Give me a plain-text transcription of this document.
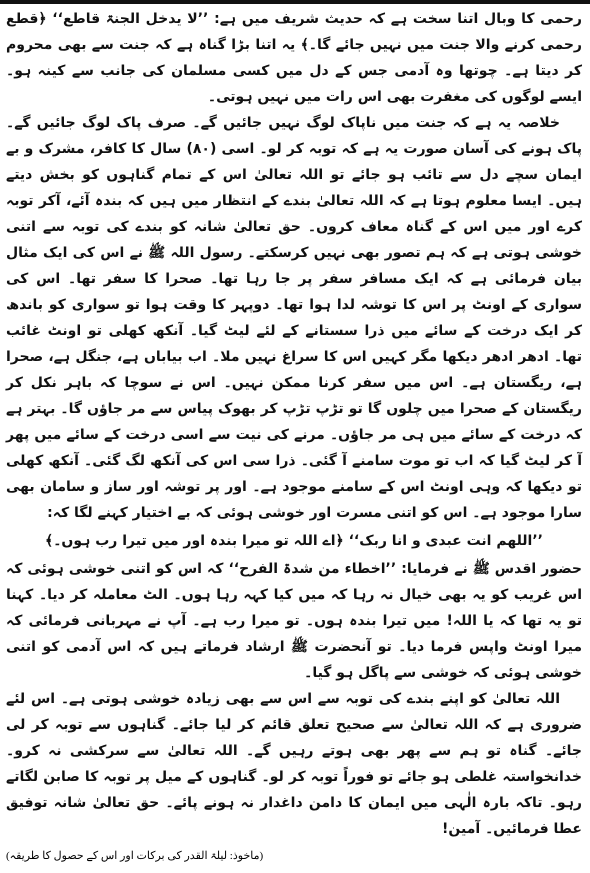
رحمی کا وبال اتنا سخت ہے کہ حدیث شریف میں ہے: ’’لا یدخل الجنۃ قاطع‘‘ ﴿قطع رحمی کرنے والا جنت میں نہیں جائے گا۔﴾ یہ اتنا بڑا گناہ ہے کہ جنت سے بھی محروم کر دیتا ہے۔ چوتھا وہ آدمی جس کے دل میں کسی مسلمان کی جانب سے کینہ ہو۔ ایسے لوگوں کی مغفرت بھی اس رات میں نہیں ہوتی۔

خلاصہ یہ ہے کہ جنت میں ناپاک لوگ نہیں جائیں گے۔ صرف پاک لوگ جائیں گے۔ پاک ہونے کی آسان صورت یہ ہے کہ توبہ کر لو۔ اسی (۸۰) سال کا کافر، مشرک و بے ایمان سچے دل سے تائب ہو جائے تو اللہ تعالیٰ اس کے تمام گناہوں کو بخش دیتے ہیں۔ ایسا معلوم ہوتا ہے کہ اللہ تعالیٰ بندے کے انتظار میں ہیں کہ بندہ آئے، آکر توبہ کرے اور میں اس کے گناہ معاف کروں۔ حق تعالیٰ شانہ کو بندے کی توبہ سے اتنی خوشی ہوتی ہے کہ ہم تصور بھی نہیں کرسکتے۔ رسول اللہ ﷺ نے اس کی ایک مثال بیان فرمائی ہے کہ ایک مسافر سفر پر جا رہا تھا۔ صحرا کا سفر تھا۔ اس کی سواری کے اونٹ پر اس کا توشہ لدا ہوا تھا۔ دوپہر کا وقت ہوا تو سواری کو باندھ کر ایک درخت کے سائے میں ذرا سستانے کے لئے لیٹ گیا۔ آنکھ کھلی تو اونٹ غائب تھا۔ ادھر ادھر دیکھا مگر کہیں اس کا سراغ نہیں ملا۔ اب بیاباں ہے، جنگل ہے، صحرا ہے، ریگستان ہے۔ اس میں سفر کرنا ممکن نہیں۔ اس نے سوچا کہ باہر نکل کر ریگستان کے صحرا میں چلوں گا تو تڑپ تڑپ کر بھوک پیاس سے مر جاؤں گا۔ بہتر ہے کہ درخت کے سائے میں ہی مر جاؤں۔ مرنے کی نیت سے اسی درخت کے سائے میں پھر آ کر لیٹ گیا کہ اب تو موت سامنے آ گئی۔ ذرا سی اس کی آنکھ لگ گئی۔ آنکھ کھلی تو دیکھا کہ وہی اونٹ اس کے سامنے موجود ہے۔ اور پر توشہ اور ساز و سامان بھی سارا موجود ہے۔ اس کو اتنی مسرت اور خوشی ہوئی کہ بے اختیار کہنے لگا کہ:

’’اللھم انت عبدی و انا ربک‘‘ ﴿اے اللہ تو میرا بندہ اور میں تیرا رب ہوں۔﴾

حضور اقدس ﷺ نے فرمایا: ’’اخطاء من شدۃ الفرح‘‘ کہ اس کو اتنی خوشی ہوئی کہ اس غریب کو یہ بھی خیال نہ رہا کہ میں کیا کہہ رہا ہوں۔ الٹ معاملہ کر دیا۔ کہنا تو یہ تھا کہ یا اللہ! میں تیرا بندہ ہوں۔ تو میرا رب ہے۔ آپ نے مہربانی فرمائی کہ میرا اونٹ واپس فرما دیا۔ تو آنحضرت ﷺ ارشاد فرماتے ہیں کہ اس آدمی کو اتنی خوشی ہوئی کہ خوشی سے پاگل ہو گیا۔

اللہ تعالیٰ کو اپنے بندے کی توبہ سے اس سے بھی زیادہ خوشی ہوتی ہے۔ اس لئے ضروری ہے کہ اللہ تعالیٰ سے صحیح تعلق قائم کر لیا جائے۔ گناہوں سے توبہ کر لی جائے۔ گناہ تو ہم سے پھر بھی ہوتے رہیں گے۔ اللہ تعالیٰ سے سرکشی نہ کرو۔ خدانخواستہ غلطی ہو جائے تو فوراً توبہ کر لو۔ گناہوں کے میل پر توبہ کا صابن لگاتے رہو۔ تاکہ بارہ الٰہی میں ایمان کا دامن داغدار نہ ہونے پائے۔ حق تعالیٰ شانہ توفیق عطا فرمائیں۔ آمین!

(ماخوذ: لیلۃ القدر کی برکات اور اس کے حصول کا طریقہ)
